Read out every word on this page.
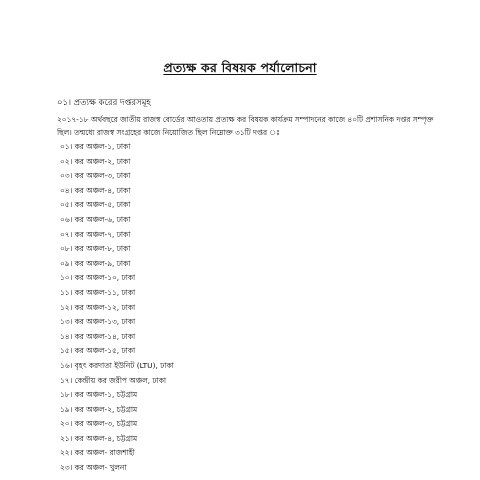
প্রত্যক্ষ কর বিষয়ক পর্যালোচনা
০১। প্রত্যক্ষ করের দপ্তরসমূহ
২০১৭-১৮ অর্থবছরে জাতীয় রাজস্ব বোর্ডের আওতায় প্রত্যক্ষ কর বিষয়ক কার্যক্রম সম্পাদনের কাজে ৪০টি প্রশাসনিক দপ্তর সম্পৃক্ত ছিল। তন্মধ্যে রাজস্ব সংগ্রহের কাজে নিয়োজিত ছিল নিম্নোক্ত ৩১টি দপ্তর ঃ
০১। কর অঞ্চল-১, ঢাকা
০২। কর অঞ্চল-২, ঢাকা
০৩। কর অঞ্চল-৩, ঢাকা
০৪। কর অঞ্চল-৪, ঢাকা
০৫। কর অঞ্চল-৫, ঢাকা
০৬। কর অঞ্চল-৬, ঢাকা
০৭। কর অঞ্চল-৭, ঢাকা
০৮। কর অঞ্চল-৮, ঢাকা
০৯। কর অঞ্চল-৯, ঢাকা
১০। কর অঞ্চল-১০, ঢাকা
১১। কর অঞ্চল-১১, ঢাকা
১২। কর অঞ্চল-১২, ঢাকা
১৩। কর অঞ্চল-১৩, ঢাকা
১৪। কর অঞ্চল-১৪, ঢাকা
১৫। কর অঞ্চল-১৫, ঢাকা
১৬। বৃহৎ করদাতা ইউনিট (LTU), ঢাকা
১৭। কেন্দ্রীয় কর জরীপ অঞ্চল, ঢাকা
১৮। কর অঞ্চল-১, চট্টগ্রাম
১৯। কর অঞ্চল-২, চট্টগ্রাম
২০। কর অঞ্চল-৩, চট্টগ্রাম
২১। কর অঞ্চল-৪, চট্টগ্রাম
২২। কর অঞ্চল- রাজশাহী
২৩। কর অঞ্চল- খুলনা
